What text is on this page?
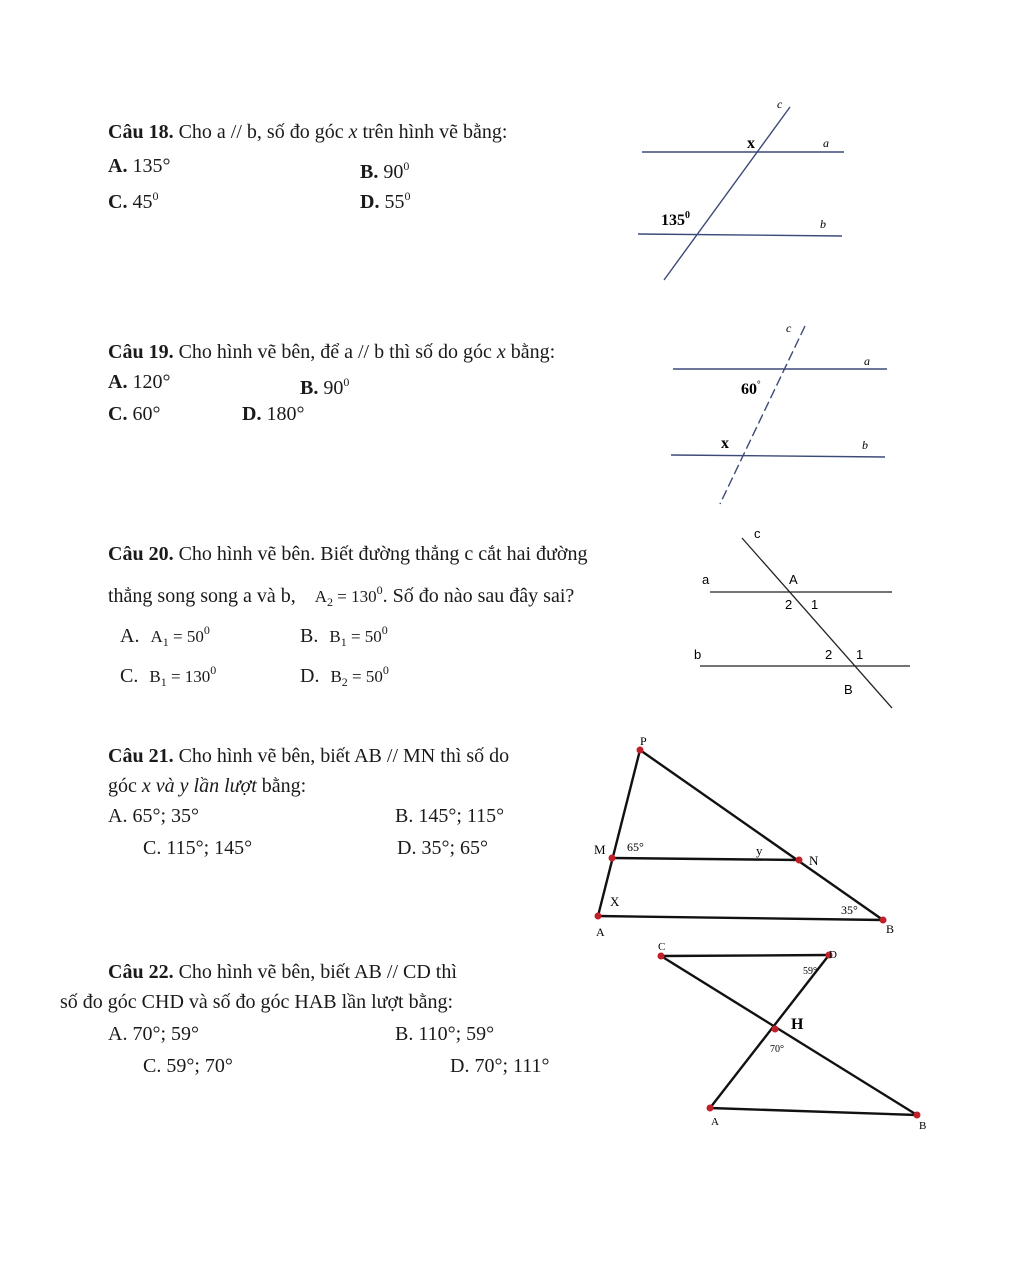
Câu 18. Cho a // b, số đo góc x trên hình vẽ bằng:
A. 135°	B. $90^0$
C. $45^0$	D. $55^0$
c
x	a
$135^0$
b
Câu 19. Cho hình vẽ bên, để a // b thì số do góc x bằng:
A. 120°	B. $90^0$
C. 60°	D. 180°
c
a
60°
x	b
Câu 20. Cho hình vẽ bên. Biết đường thẳng c cắt hai đường
thẳng song song a và b, $A_2 = 130^0$. Số đo nào sau đây sai?
A. $A_1 = 50^0$	B. $B_1 = 50^0$
C. $B_1 = 130^0$	D. $B_2 = 50^0$
c
a	A
2 1
b	2 1
B
Câu 21. Cho hình vẽ bên, biết AB // MN thì số do
góc x và y lần lượt bằng:
A. 65°; 35°	B. 145°; 115°
C. 115°; 145°	D. 35°; 65°
P
M 65°	y
N
X
35°
A	B
Câu 22. Cho hình vẽ bên, biết AB // CD thì
số đo góc CHD và số đo góc HAB lần lượt bằng:
A. 70°; 59°	B. 110°; 59°
C. 59°; 70°	D. 70°; 111°
C
D
59°
H
70°
A	B
